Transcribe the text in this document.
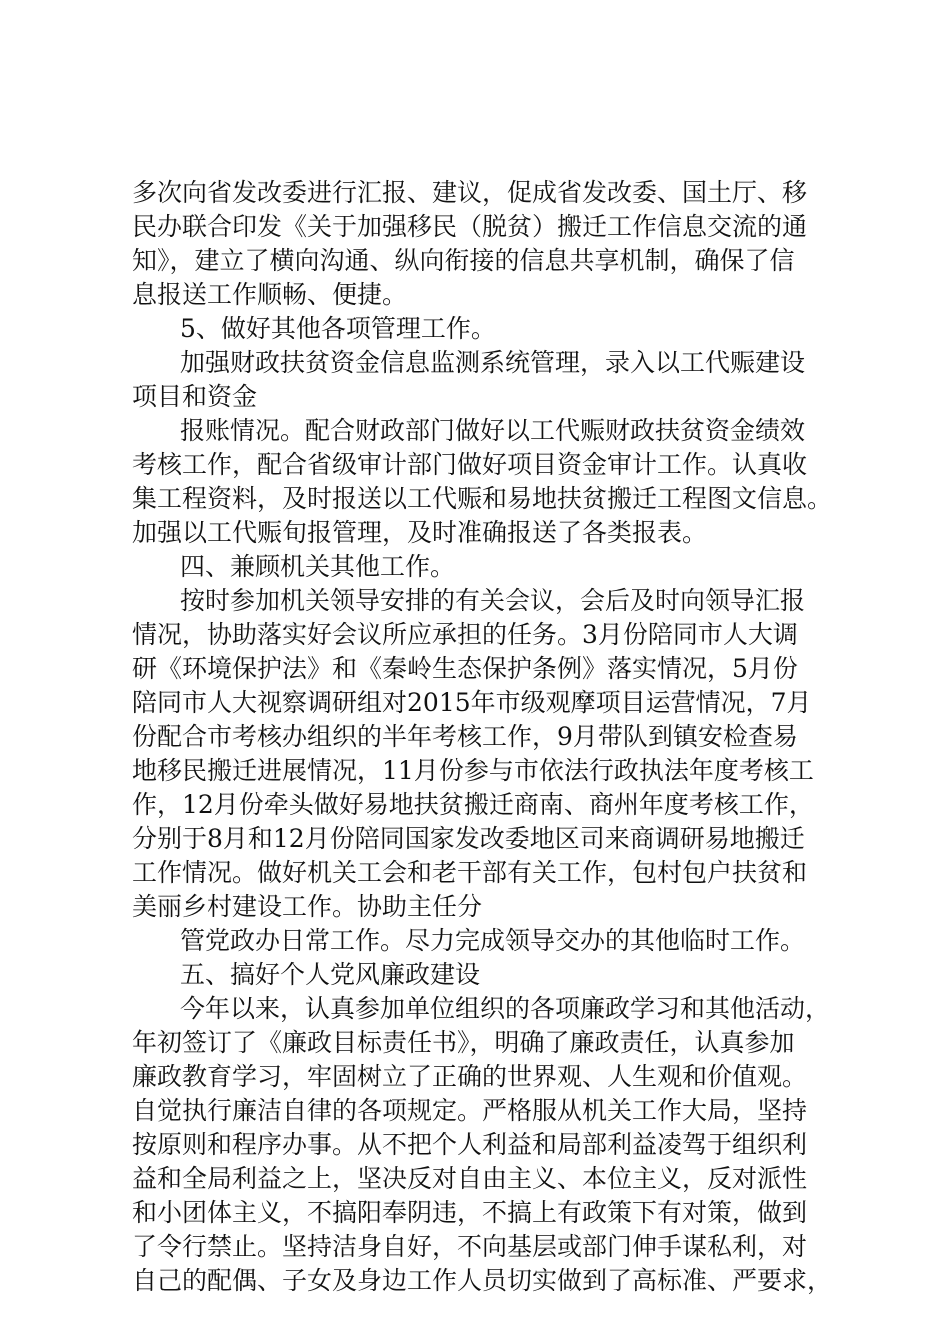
多次向省发改委进行汇报、建议，促成省发改委、国土厅、移

民办联合印发《关于加强移民（脱贫）搬迁工作信息交流的通

知》，建立了横向沟通、纵向衔接的信息共享机制，确保了信

息报送工作顺畅、便捷。

5、做好其他各项管理工作。

加强财政扶贫资金信息监测系统管理，录入以工代赈建设

项目和资金

报账情况。配合财政部门做好以工代赈财政扶贫资金绩效

考核工作，配合省级审计部门做好项目资金审计工作。认真收

集工程资料，及时报送以工代赈和易地扶贫搬迁工程图文信息。

加强以工代赈旬报管理，及时准确报送了各类报表。

四、兼顾机关其他工作。

按时参加机关领导安排的有关会议，会后及时向领导汇报

情况，协助落实好会议所应承担的任务。3月份陪同市人大调

研《环境保护法》和《秦岭生态保护条例》落实情况，5月份

陪同市人大视察调研组对2015年市级观摩项目运营情况，7月

份配合市考核办组织的半年考核工作，9月带队到镇安检查易

地移民搬迁进展情况，11月份参与市依法行政执法年度考核工

作，12月份牵头做好易地扶贫搬迁商南、商州年度考核工作，

分别于8月和12月份陪同国家发改委地区司来商调研易地搬迁

工作情况。做好机关工会和老干部有关工作，包村包户扶贫和

美丽乡村建设工作。协助主任分

管党政办日常工作。尽力完成领导交办的其他临时工作。

五、搞好个人党风廉政建设

今年以来，认真参加单位组织的各项廉政学习和其他活动，

年初签订了《廉政目标责任书》，明确了廉政责任，认真参加

廉政教育学习，牢固树立了正确的世界观、人生观和价值观。

自觉执行廉洁自律的各项规定。严格服从机关工作大局，坚持

按原则和程序办事。从不把个人利益和局部利益凌驾于组织利

益和全局利益之上，坚决反对自由主义、本位主义，反对派性

和小团体主义，不搞阳奉阴违，不搞上有政策下有对策，做到

了令行禁止。坚持洁身自好，不向基层或部门伸手谋私利，对

自己的配偶、子女及身边工作人员切实做到了高标准、严要求，
